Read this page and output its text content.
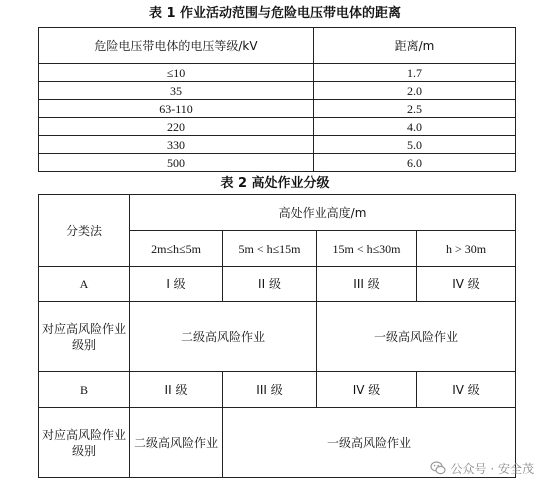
表 1 作业活动范围与危险电压带电体的距离
危险电压带电体的电压等级/kV	距离/m
≤10	1.7
35	2.0
63-110	2.5
220	4.0
330	5.0
500	6.0
表 2 高处作业分级
分类法	高处作业高度/m			
	2m≤h≤5m	5m < h≤15m	15m < h≤30m	h > 30m
A	I 级	II 级	III 级	IV 级
对应高风险作业级别	二级高风险作业		一级高风险作业	
B	II 级	III 级	IV 级	IV 级
对应高风险作业级别	二级高风险作业	一级高风险作业		
公众号 · 安全茂
